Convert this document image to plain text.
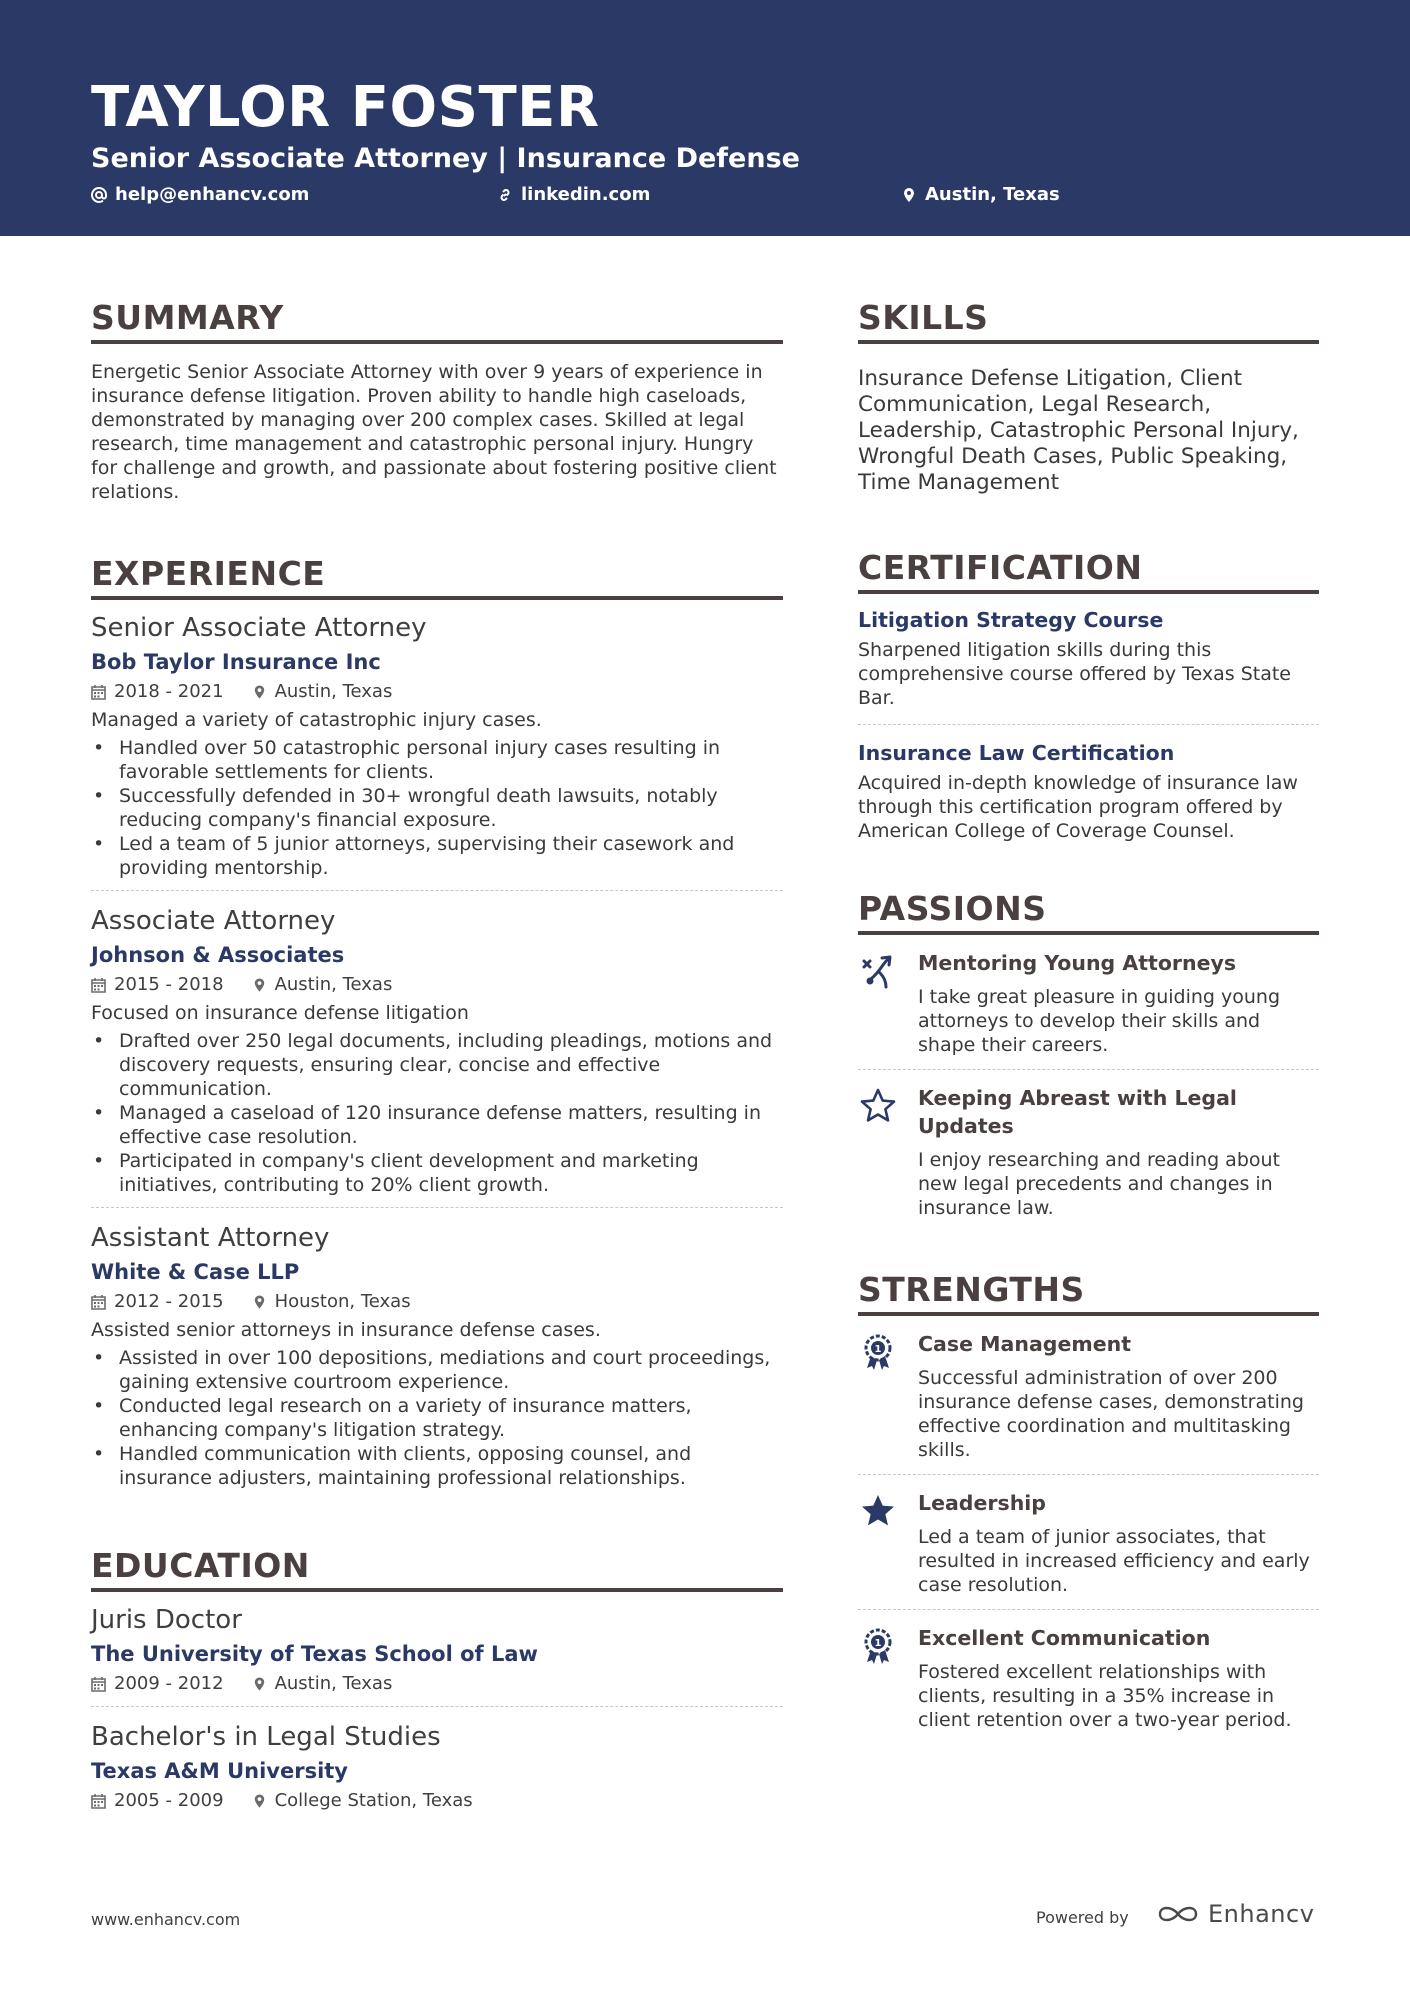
TAYLOR FOSTER
Senior Associate Attorney | Insurance Defense
help@enhancv.com	linkedin.com	Austin, Texas
SUMMARY
Energetic Senior Associate Attorney with over 9 years of experience in insurance defense litigation. Proven ability to handle high caseloads, demonstrated by managing over 200 complex cases. Skilled at legal research, time management and catastrophic personal injury. Hungry for challenge and growth, and passionate about fostering positive client relations.
EXPERIENCE
Senior Associate Attorney
Bob Taylor Insurance Inc
2018 - 2021	Austin, Texas
Managed a variety of catastrophic injury cases.
• Handled over 50 catastrophic personal injury cases resulting in favorable settlements for clients.
• Successfully defended in 30+ wrongful death lawsuits, notably reducing company's financial exposure.
• Led a team of 5 junior attorneys, supervising their casework and providing mentorship.
Associate Attorney
Johnson & Associates
2015 - 2018	Austin, Texas
Focused on insurance defense litigation
• Drafted over 250 legal documents, including pleadings, motions and discovery requests, ensuring clear, concise and effective communication.
• Managed a caseload of 120 insurance defense matters, resulting in effective case resolution.
• Participated in company's client development and marketing initiatives, contributing to 20% client growth.
Assistant Attorney
White & Case LLP
2012 - 2015	Houston, Texas
Assisted senior attorneys in insurance defense cases.
• Assisted in over 100 depositions, mediations and court proceedings, gaining extensive courtroom experience.
• Conducted legal research on a variety of insurance matters, enhancing company's litigation strategy.
• Handled communication with clients, opposing counsel, and insurance adjusters, maintaining professional relationships.
EDUCATION
Juris Doctor
The University of Texas School of Law
2009 - 2012	Austin, Texas
Bachelor's in Legal Studies
Texas A&M University
2005 - 2009	College Station, Texas
SKILLS
Insurance Defense Litigation, Client Communication, Legal Research, Leadership, Catastrophic Personal Injury, Wrongful Death Cases, Public Speaking, Time Management
CERTIFICATION
Litigation Strategy Course
Sharpened litigation skills during this comprehensive course offered by Texas State Bar.
Insurance Law Certification
Acquired in-depth knowledge of insurance law through this certification program offered by American College of Coverage Counsel.
PASSIONS
Mentoring Young Attorneys
I take great pleasure in guiding young attorneys to develop their skills and shape their careers.
Keeping Abreast with Legal Updates
I enjoy researching and reading about new legal precedents and changes in insurance law.
STRENGTHS
1 Case Management
Successful administration of over 200 insurance defense cases, demonstrating effective coordination and multitasking skills.
Leadership
Led a team of junior associates, that resulted in increased efficiency and early case resolution.
1 Excellent Communication
Fostered excellent relationships with clients, resulting in a 35% increase in client retention over a two-year period.
www.enhancv.com	Powered by	Enhancv
